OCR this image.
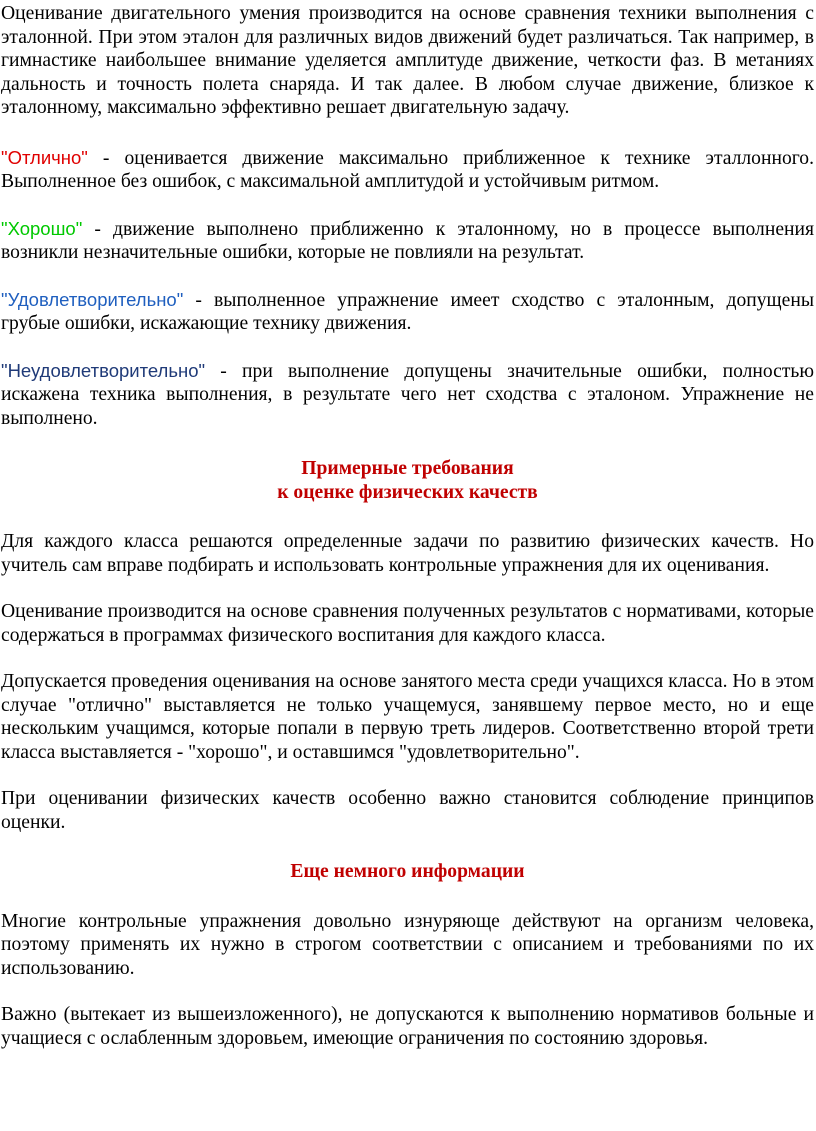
Оценивание двигательного умения производится на основе сравнения техники выполнения с эталонной. При этом эталон для различных видов движений будет различаться. Так например, в гимнастике наибольшее внимание уделяется амплитуде движение, четкости фаз. В метаниях дальность и точность полета снаряда. И так далее. В любом случае движение, близкое к эталонному, максимально эффективно решает двигательную задачу.

"Отлично" - оценивается движение максимально приближенное к технике эталлонного. Выполненное без ошибок, с максимальной амплитудой и устойчивым ритмом.

"Хорошо" - движение выполнено приближенно к эталонному, но в процессе выполнения возникли незначительные ошибки, которые не повлияли на результат.

"Удовлетворительно" - выполненное упражнение имеет сходство с эталонным, допущены грубые ошибки, искажающие технику движения.

"Неудовлетворительно" - при выполнение допущены значительные ошибки, полностью искажена техника выполнения, в результате чего нет сходства с эталоном. Упражнение не выполнено.

Примерные требования
к оценке физических качеств

Для каждого класса решаются определенные задачи по развитию физических качеств. Но учитель сам вправе подбирать и использовать контрольные упражнения для их оценивания.

Оценивание производится на основе сравнения полученных результатов с нормативами, которые содержаться в программах физического воспитания для каждого класса.

Допускается проведения оценивания на основе занятого места среди учащихся класса. Но в этом случае "отлично" выставляется не только учащемуся, занявшему первое место, но и еще нескольким учащимся, которые попали в первую треть лидеров. Соответственно второй трети класса выставляется - "хорошо", и оставшимся "удовлетворительно".

При оценивании физических качеств особенно важно становится соблюдение принципов оценки.

Еще немного информации

Многие контрольные упражнения довольно изнуряюще действуют на организм человека, поэтому применять их нужно в строгом соответствии с описанием и требованиями по их использованию.

Важно (вытекает из вышеизложенного), не допускаются к выполнению нормативов больные и учащиеся с ослабленным здоровьем, имеющие ограничения по состоянию здоровья.
